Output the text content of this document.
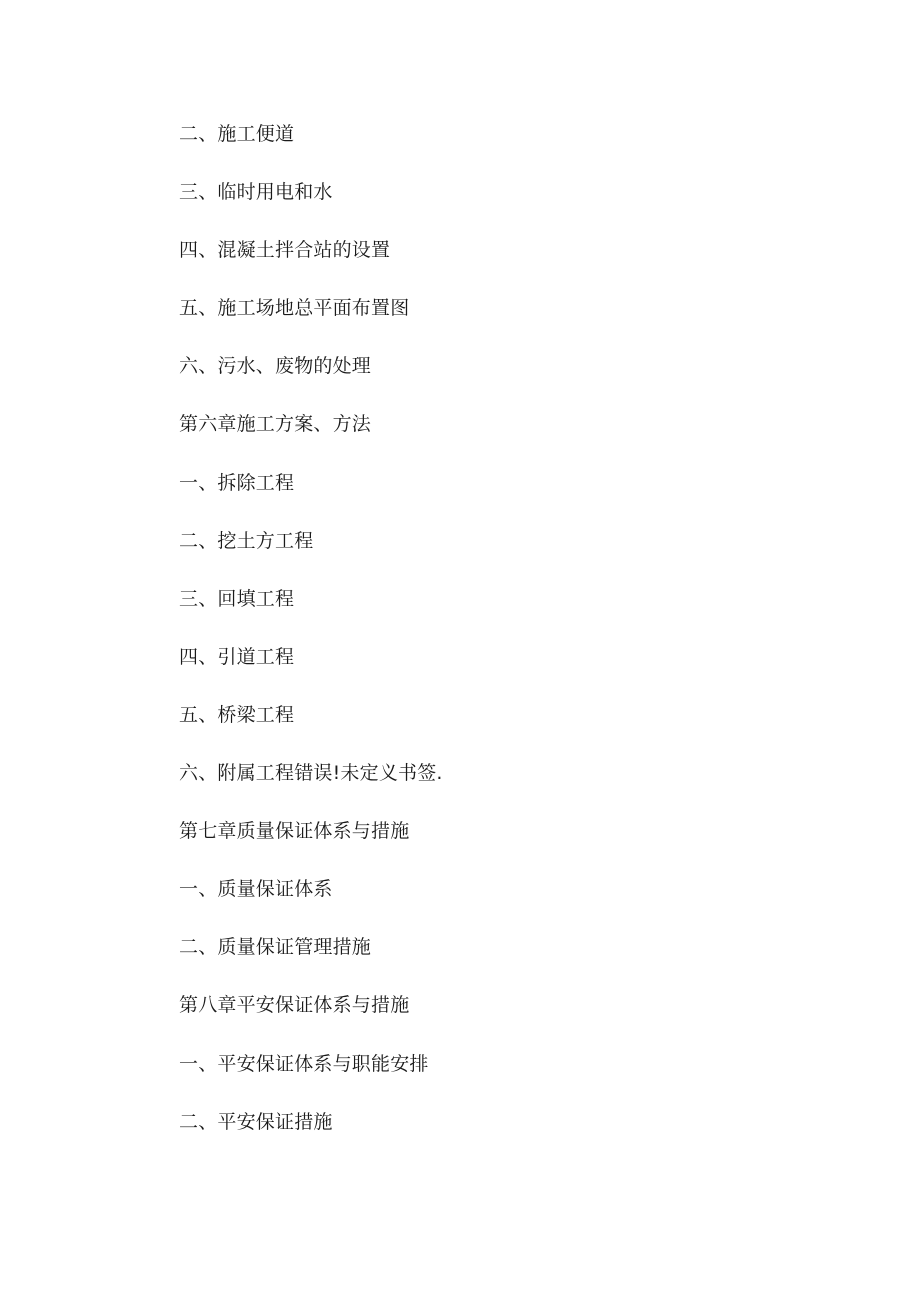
二、施工便道
三、临时用电和水
四、混凝土拌合站的设置
五、施工场地总平面布置图
六、污水、废物的处理
第六章施工方案、方法
一、拆除工程
二、挖土方工程
三、回填工程
四、引道工程
五、桥梁工程
六、附属工程错误!未定义书签.
第七章质量保证体系与措施
一、质量保证体系
二、质量保证管理措施
第八章平安保证体系与措施
一、平安保证体系与职能安排
二、平安保证措施
